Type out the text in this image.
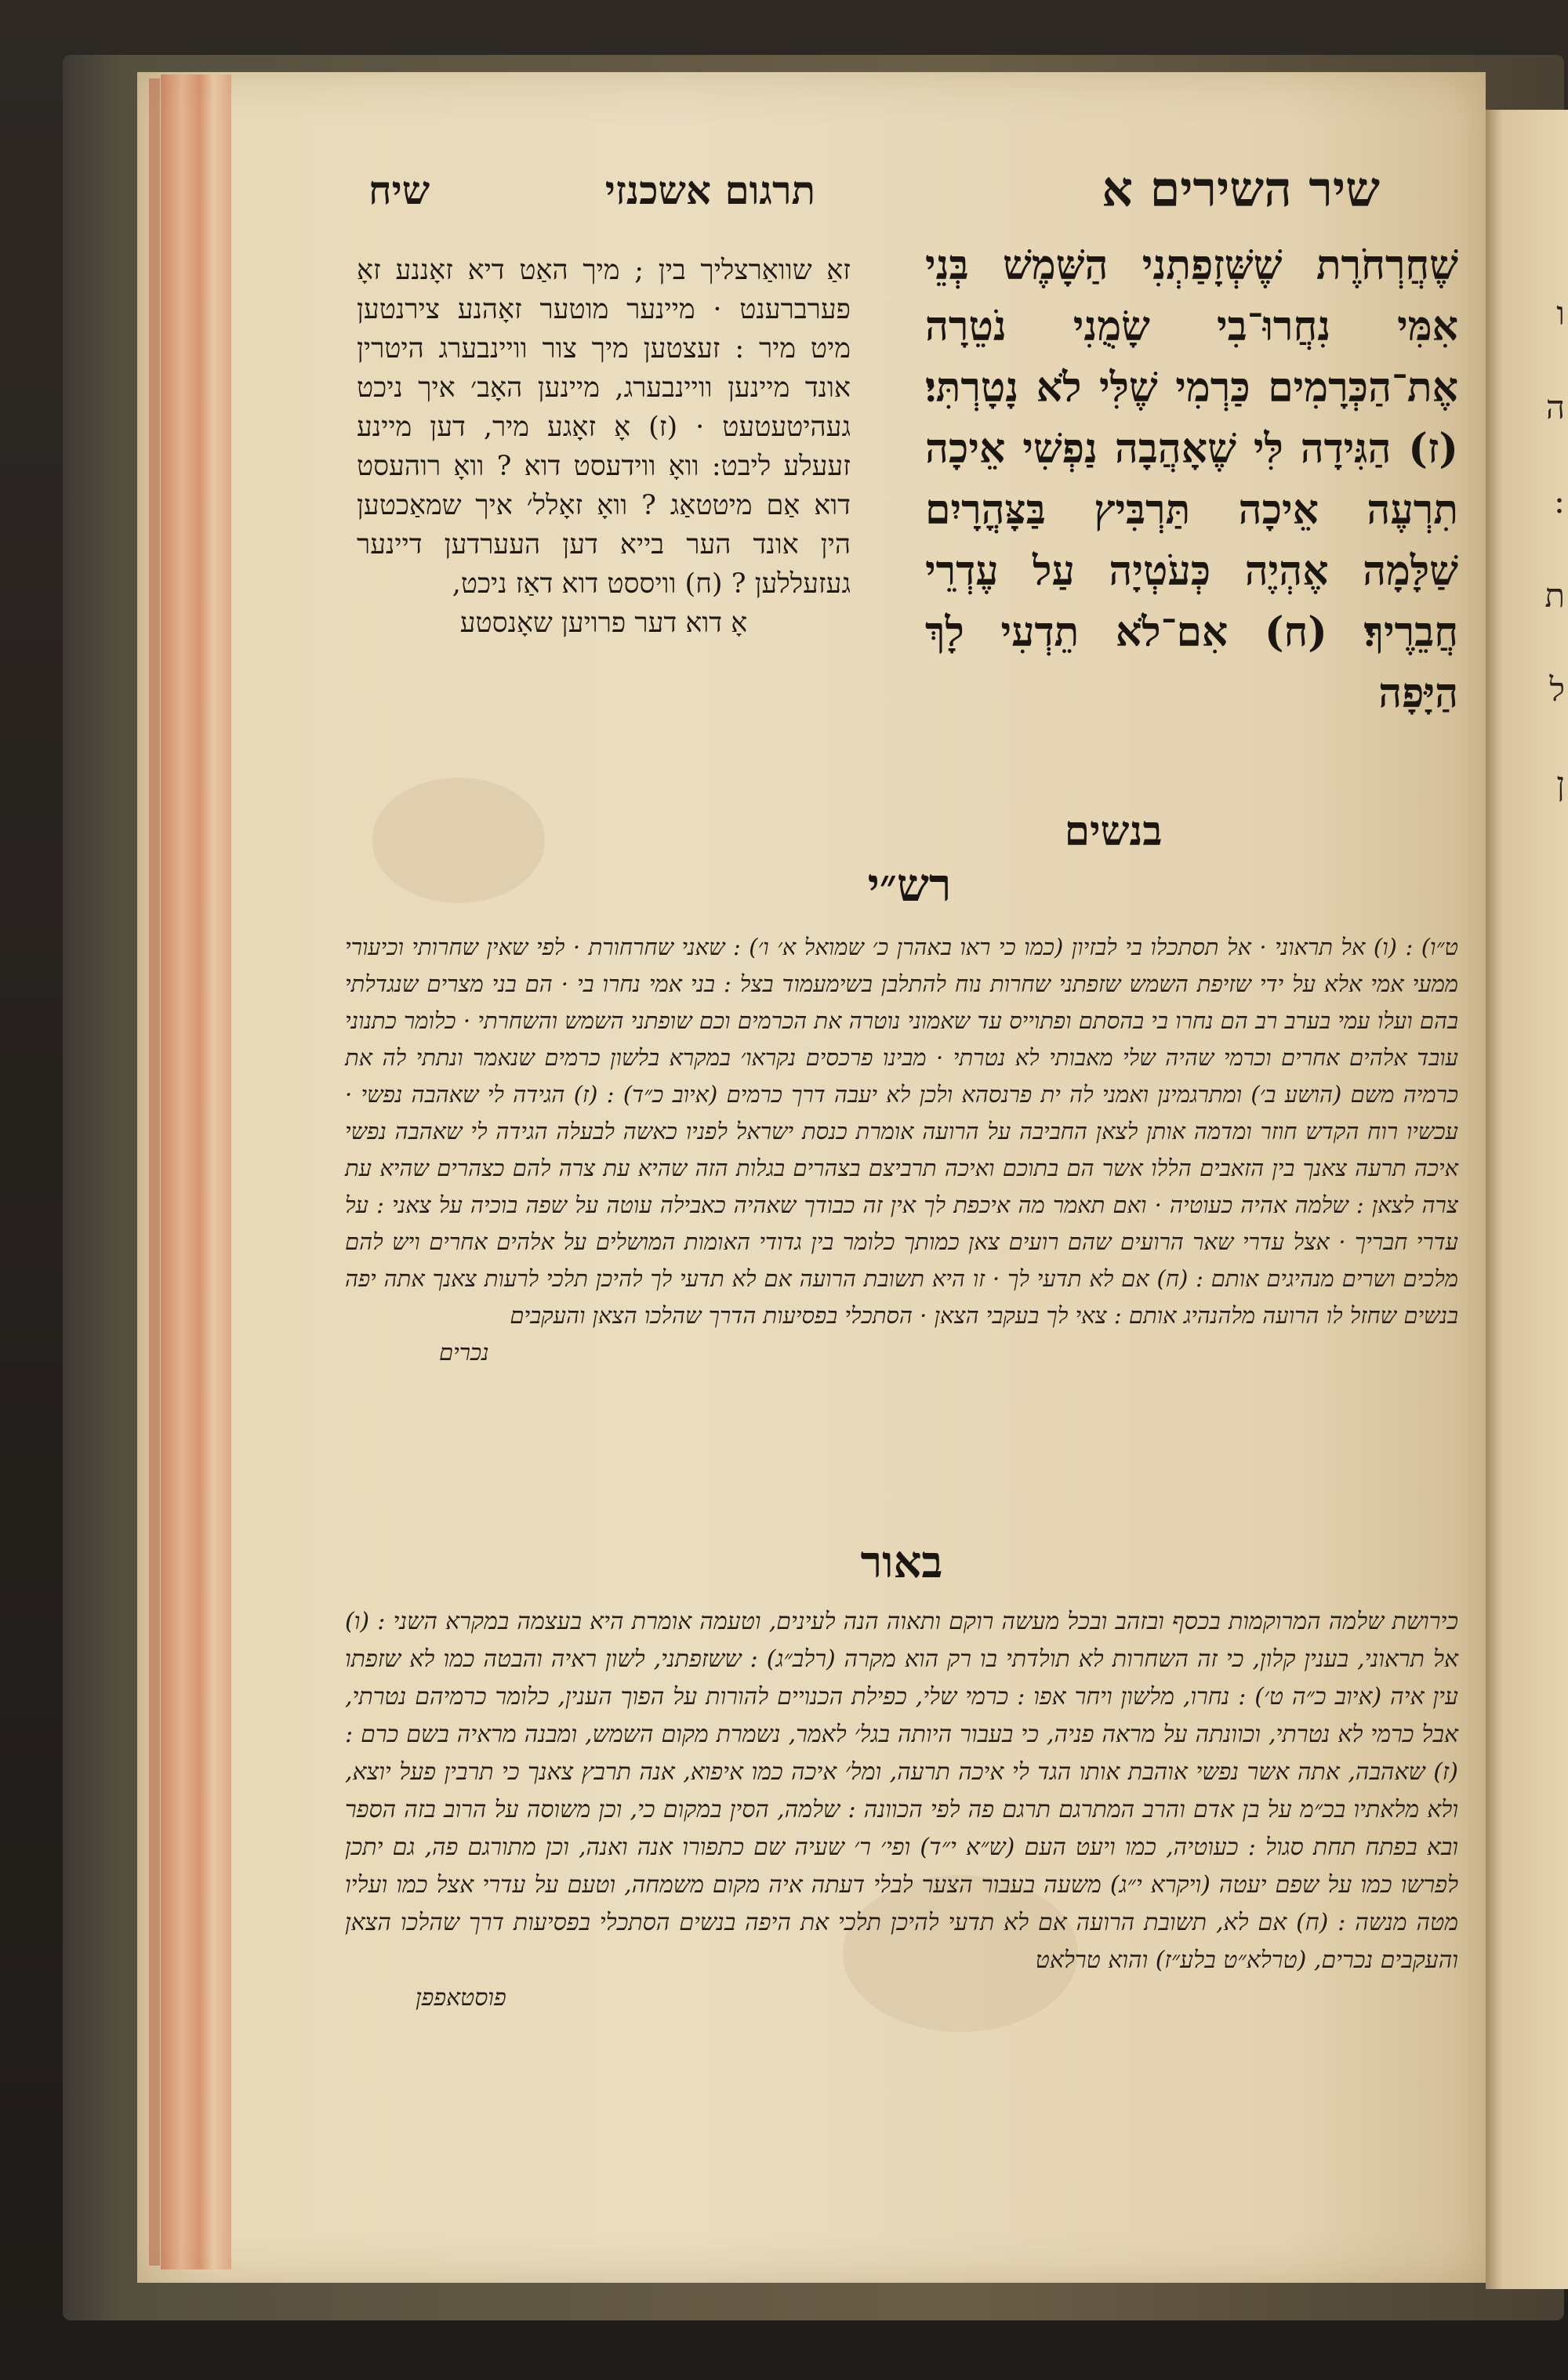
ו
ה
:
ת
ל
ן
שיר השירים א
תרגום אשכנזי
שיח
שֶׁחֲרְחֹרֶת שֶׁשְּׁזָפַתְנִי הַשָּׁמֶשׁ בְּנֵי אִמִּי נִחֲרוּ־בִי שָׂמֻנִי נֹטֵרָה אֶת־הַכְּרָמִים כַּרְמִי שֶׁלִּי לֹא נָטָרְתִּי׃ (ז) הַגִּידָה לִּי שֶׁאָהֲבָה נַפְשִׁי אֵיכָה תִרְעֶה אֵיכָה תַּרְבִּיץ בַּצָּהֳרָיִם שַׁלָּמָה אֶהְיֶה כְּעֹטְיָה עַל עֶדְרֵי חֲבֵרֶיךָ׃ (ח) אִם־לֹא תֵדְעִי לָךְ הַיָּפָה
בנשים
זאַ שוואַרצליך בין ; מיך האַט דיא זאָננע זאָ פערברענט · מיינער מוטער זאָהנע צירנטען מיט מיר : זעצטען מיך צור וויינבערג היטרין אונד מיינען וויינבערג, מיינען האָב׳ איך ניכט געהיטעטעט · (ז) אָ זאָגע מיר, דען מיינע זעעלע ליבט: וואָ ווידעסט דוא ? וואָ רוהעסט דוא אַם מיטטאַג ? וואָ זאָלל׳ איך שמאַכטען הין אונד הער בייא דען העערדען דיינער געזעללען ? (ח) וויססט דוא דאַז ניכט,
אָ דוא דער פרויען שאָנסטע
רש״י
ט״ו) : (ו) אל תראוני · אל תסתכלו בי לבזיון (כמו כי ראו באהרן כ׳ שמואל א׳ ו׳) : שאני שחרחורת · לפי שאין שחרותי וכיעורי ממעי אמי אלא על ידי שזיפת השמש שזפתני שחרות נוח להתלבן בשימעמוד בצל : בני אמי נחרו בי · הם בני מצרים שנגדלתי בהם ועלו עמי בערב רב הם נחרו בי בהסתם ופתוייס עד שאמוני נוטרה את הכרמים וכם שופתני השמש והשחרתי · כלומר כתנוני עובד אלהים אחרים וכרמי שהיה שלי מאבותי לא נטרתי · מבינו פרכסים נקראו׳ במקרא בלשון כרמים שנאמר ונתתי לה את כרמיה משם (הושע ב׳) ומתרגמינן ואמני לה ית פרנסהא ולכן לא יעבה דרך כרמים (איוב כ״ד) : (ז) הגידה לי שאהבה נפשי · עכשיו רוח הקדש חוזר ומדמה אותן לצאן החביבה על הרועה אומרת כנסת ישראל לפניו כאשה לבעלה הגידה לי שאהבה נפשי איכה תרעה צאנך בין הזאבים הללו אשר הם בתוכם ואיכה תרביצם בצהרים בגלות הזה שהיא עת צרה להם כצהרים שהיא עת צרה לצאן : שלמה אהיה כעוטיה · ואם תאמר מה איכפת לך אין זה כבודך שאהיה כאבילה עוטה על שפה בוכיה על צאני : על עדרי חבריך · אצל עדרי שאר הרועים שהם רועים צאן כמותך כלומר בין גדודי האומות המושלים על אלהים אחרים ויש להם מלכים ושרים מנהיגים אותם : (ח) אם לא תדעי לך · זו היא תשובת הרועה אם לא תדעי לך להיכן תלכי לרעות צאנך אתה יפה בנשים שחזל לו הרועה מלהנהיג אותם : צאי לך בעקבי הצאן · הסתכלי בפסיעות הדרך שהלכו הצאן והעקבים
נכרים
באור
כירושת שלמה המרוקמות בכסף ובזהב ובכל מעשה רוקם ותאוה הנה לעינים, וטעמה אומרת היא בעצמה במקרא השני : (ו) אל תראוני, בענין קלון, כי זה השחרות לא תולדתי בו רק הוא מקרה (רלב״ג) : ששזפתני, לשון ראיה והבטה כמו לא שזפתו עין איה (איוב כ״ה ט׳) : נחרו, מלשון ויחר אפו : כרמי שלי, כפילת הכנויים להורות על הפוך הענין, כלומר כרמיהם נטרתי, אבל כרמי לא נטרתי, וכוונתה על מראה פניה, כי בעבור היותה בגל׳ לאמר, נשמרת מקום השמש, ומבנה מראיה בשם כרם : (ז) שאהבה, אתה אשר נפשי אוהבת אותו הגד לי איכה תרעה, ומל׳ איכה כמו איפוא, אנה תרבץ צאנך כי תרבין פעל יוצא, ולא מלאתיו בכ״מ על בן אדם והרב המתרגם תרגם פה לפי הכוונה : שלמה, הסין במקום כי, וכן משוסה על הרוב בזה הספר ובא בפתח תחת סגול : כעוטיה, כמו ויעט העם (ש״א י״ד) ופי׳ ר׳ שעיה שם כתפורו אנה ואנה, וכן מתורגם פה, גם יתכן לפרשו כמו על שפם יעטה (ויקרא י״ג) משעה בעבור הצער לבלי דעתה איה מקום משמחה, וטעם על עדרי אצל כמו ועליו מטה מנשה : (ח) אם לא, תשובת הרועה אם לא תדעי להיכן תלכי את היפה בנשים הסתכלי בפסיעות דרך שהלכו הצאן והעקבים נכרים, (טרלא״ט בלע״ז) והוא טרלאט
פוסטאפפן
